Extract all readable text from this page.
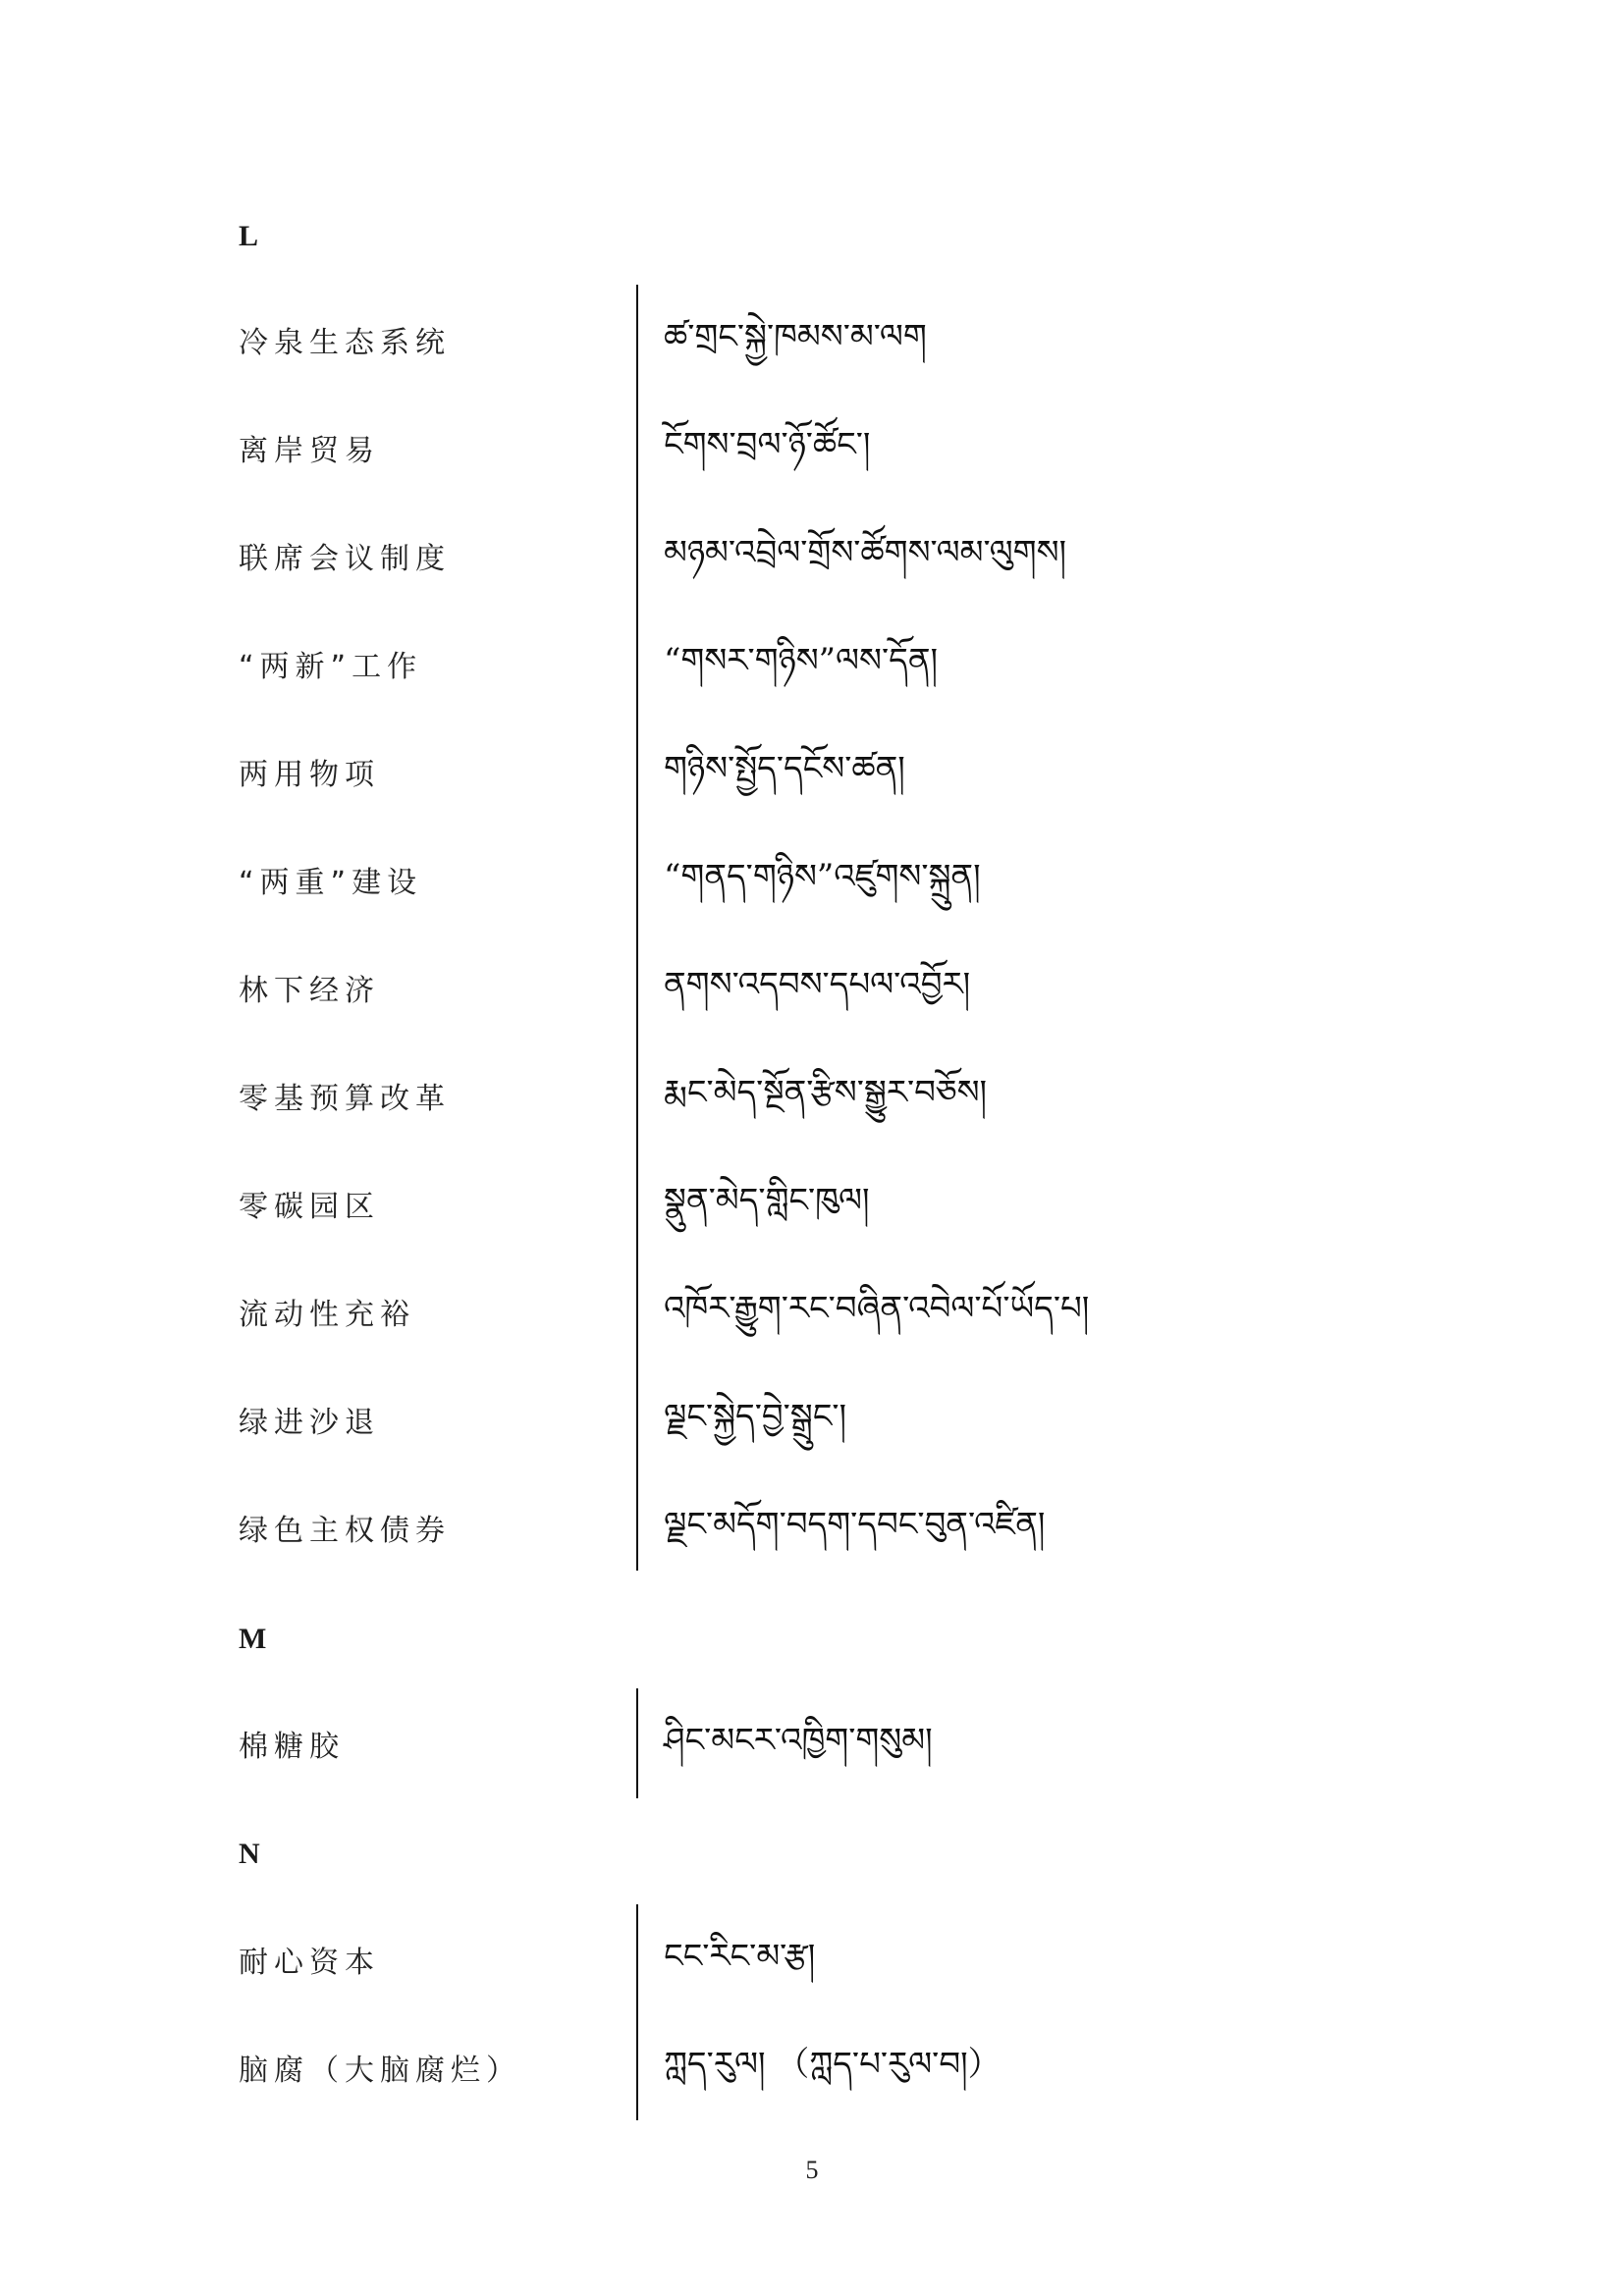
L
冷泉生态系统	ཚ་གྲང་སྐྱེ་ཁམས་མ་ལག
离岸贸易	ངོགས་བྲལ་ཉོ་ཚོང་།
联席会议制度	མཉམ་འབྲེལ་གྲོས་ཚོགས་ལམ་ལུགས།
“两新”工作	“གསར་གཉིས”ལས་དོན།
两用物项	གཉིས་སྤྱོད་དངོས་ཚན།
“两重”建设	“གནད་གཉིས”འཛུགས་སྐྲུན།
林下经济	ནགས་འདབས་དཔལ་འབྱོར།
零基预算改革	རྨང་མེད་སྔོན་རྩིས་སྒྱུར་བཅོས།
零碳园区	སྣུན་མེད་གླིང་ཁུལ།
流动性充裕	འཁོར་རྒྱུག་རང་བཞིན་འབེལ་པོ་ཡོད་པ།
绿进沙退	ལྗང་སྐྱེད་བྱེ་སྒྲུང་།
绿色主权债券	ལྗང་མདོག་བདག་དབང་བུན་འཛིན།
M
棉糖胶	ཤིང་མངར་འཁྱིག་གསུམ།
N
耐心资本	ངང་རིང་མ་རྩ།
脑腐（大脑腐烂）	ཀླད་རུལ། （ཀླད་པ་རུལ་བ།）
5
